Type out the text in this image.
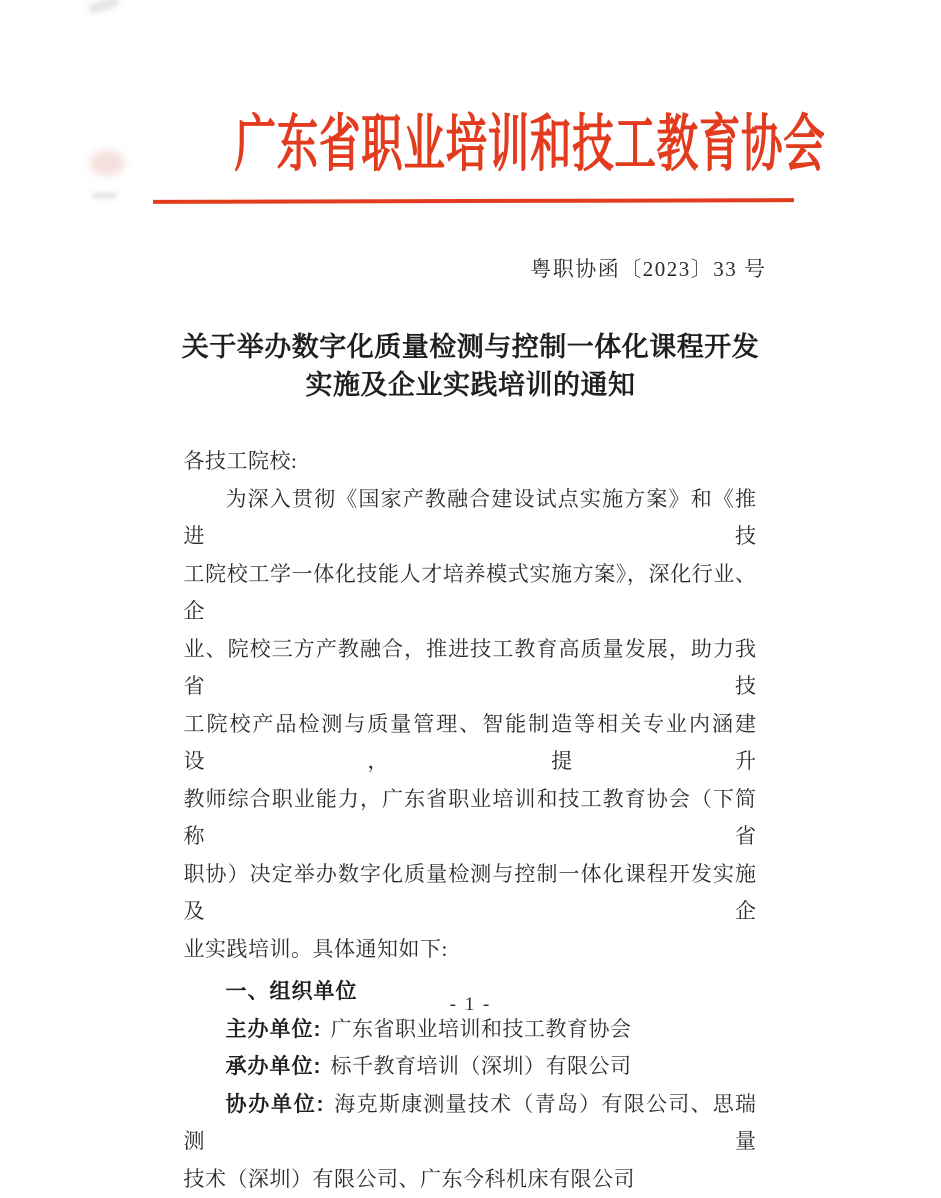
广东省职业培训和技工教育协会
粤职协函〔2023〕33 号
关于举办数字化质量检测与控制一体化课程开发
实施及企业实践培训的通知
各技工院校:
为深入贯彻《国家产教融合建设试点实施方案》和《推进技
工院校工学一体化技能人才培养模式实施方案》，深化行业、企
业、院校三方产教融合，推进技工教育高质量发展，助力我省技
工院校产品检测与质量管理、智能制造等相关专业内涵建设，提升
教师综合职业能力，广东省职业培训和技工教育协会（下简称省
职协）决定举办数字化质量检测与控制一体化课程开发实施及企
业实践培训。具体通知如下:
一、组织单位
主办单位: 广东省职业培训和技工教育协会
承办单位: 标千教育培训（深圳）有限公司
协办单位: 海克斯康测量技术（青岛）有限公司、思瑞测量
技术（深圳）有限公司、广东今科机床有限公司
- 1 -
